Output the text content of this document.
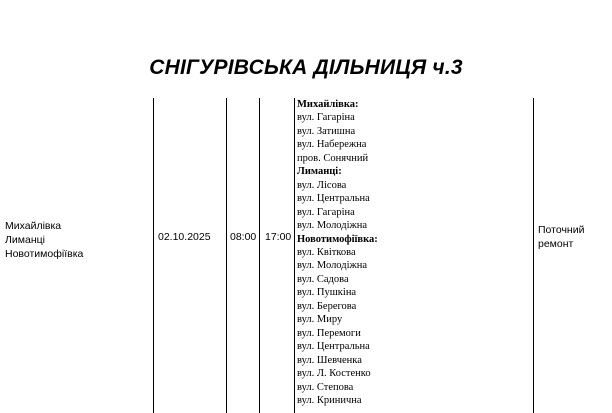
СНІГУРІВСЬКА ДІЛЬНИЦЯ ч.3
Михайлівка
Лиманці
Новотимофіївка
02.10.2025 08:00 17:00
Михайлівка:
вул. Гагаріна
вул. Затишна
вул. Набережна
пров. Сонячний
Лиманці:
вул. Лісова
вул. Центральна
вул. Гагаріна
вул. Молодіжна
Новотимофіївка:
вул. Квіткова
вул. Молодіжна
вул. Садова
вул. Пушкіна
вул. Берегова
вул. Миру
вул. Перемоги
вул. Центральна
вул. Шевченка
вул. Л. Костенко
вул. Степова
вул. Кринична
Поточний
ремонт
